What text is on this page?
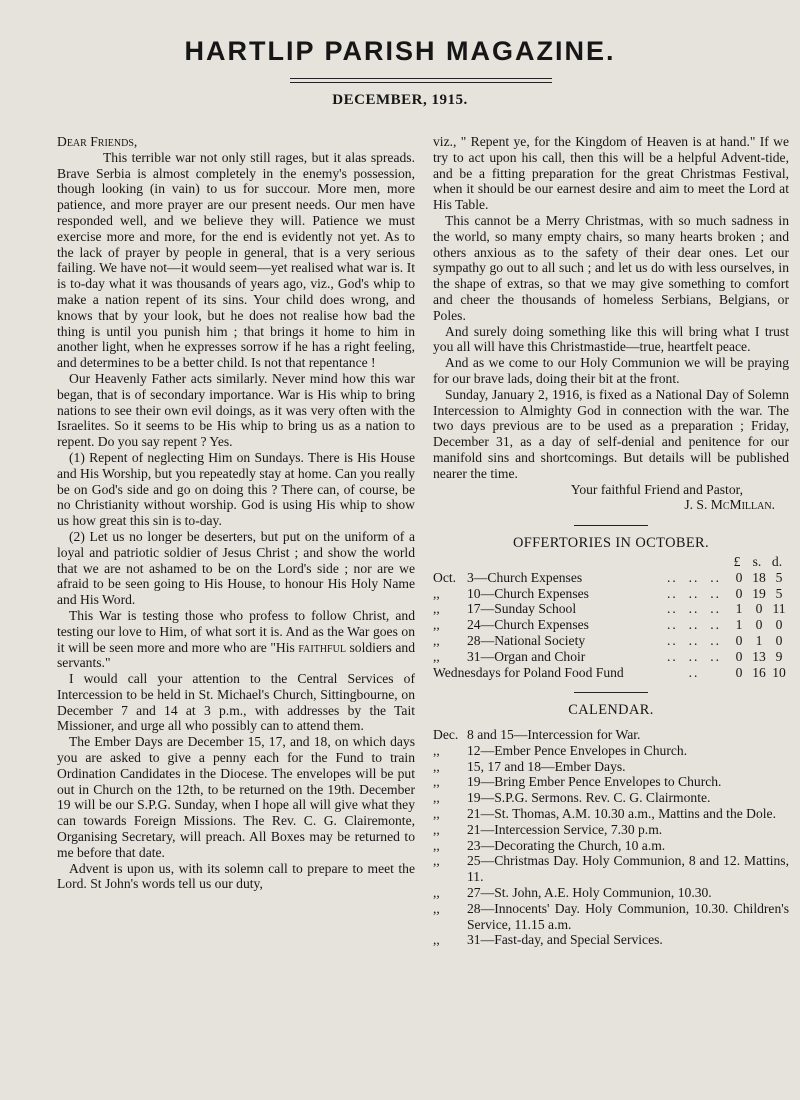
HARTLIP PARISH MAGAZINE.
DECEMBER, 1915.

Dear Friends,

This terrible war not only still rages, but it alas spreads. Brave Serbia is almost completely in the enemy's possession, though looking (in vain) to us for succour. More men, more patience, and more prayer are our present needs. Our men have responded well, and we believe they will. Patience we must exercise more and more, for the end is evidently not yet. As to the lack of prayer by people in general, that is a very serious failing. We have not—it would seem—yet realised what war is. It is to-day what it was thousands of years ago, viz., God's whip to make a nation repent of its sins. Your child does wrong, and knows that by your look, but he does not realise how bad the thing is until you punish him ; that brings it home to him in another light, when he expresses sorrow if he has a right feeling, and determines to be a better child. Is not that repentance !

Our Heavenly Father acts similarly. Never mind how this war began, that is of secondary importance. War is His whip to bring nations to see their own evil doings, as it was very often with the Israelites. So it seems to be His whip to bring us as a nation to repent. Do you say repent ? Yes.

(1) Repent of neglecting Him on Sundays. There is His House and His Worship, but you repeatedly stay at home. Can you really be on God's side and go on doing this ? There can, of course, be no Christianity without worship. God is using His whip to show us how great this sin is to-day.

(2) Let us no longer be deserters, but put on the uniform of a loyal and patriotic soldier of Jesus Christ ; and show the world that we are not ashamed to be on the Lord's side ; nor are we afraid to be seen going to His House, to honour His Holy Name and His Word.

This War is testing those who profess to follow Christ, and testing our love to Him, of what sort it is. And as the War goes on it will be seen more and more who are "His faithful soldiers and servants."

I would call your attention to the Central Services of Intercession to be held in St. Michael's Church, Sittingbourne, on December 7 and 14 at 3 p.m., with addresses by the Tait Missioner, and urge all who possibly can to attend them.

The Ember Days are December 15, 17, and 18, on which days you are asked to give a penny each for the Fund to train Ordination Candidates in the Diocese. The envelopes will be put out in Church on the 12th, to be returned on the 19th. December 19 will be our S.P.G. Sunday, when I hope all will give what they can towards Foreign Missions. The Rev. C. G. Clairemonte, Organising Secretary, will preach. All Boxes may be returned to me before that date.

Advent is upon us, with its solemn call to prepare to meet the Lord. St John's words tell us our duty,

viz., " Repent ye, for the Kingdom of Heaven is at hand." If we try to act upon his call, then this will be a helpful Advent-tide, and be a fitting preparation for the great Christmas Festival, when it should be our earnest desire and aim to meet the Lord at His Table.

This cannot be a Merry Christmas, with so much sadness in the world, so many empty chairs, so many hearts broken ; and others anxious as to the safety of their dear ones. Let our sympathy go out to all such ; and let us do with less ourselves, in the shape of extras, so that we may give something to comfort and cheer the thousands of homeless Serbians, Belgians, or Poles.

And surely doing something like this will bring what I trust you all will have this Christmastide—true, heartfelt peace.

And as we come to our Holy Communion we will be praying for our brave lads, doing their bit at the front.

Sunday, January 2, 1916, is fixed as a National Day of Solemn Intercession to Almighty God in connection with the war. The two days previous are to be used as a preparation ; Friday, December 31, as a day of self-denial and penitence for our manifold sins and shortcomings. But details will be published nearer the time.

Your faithful Friend and Pastor,

J. S. McMillan.

OFFERTORIES IN OCTOBER.
£ s. d.
Oct.	3—Church Expenses	..  ..  ..	0	18	5
,,	10—Church Expenses	..  ..  ..	0	19	5
,,	17—Sunday School	..  ..  ..	1	0	11
,,	24—Church Expenses	..  ..  ..	1	0	0
,,	28—National Society	..  ..  ..	0	1	0
,,	31—Organ and Choir	..  ..  ..	0	13	9
Wednesdays for Poland Food Fund		..	0	16	10
CALENDAR.
Dec.	8 and 15—Intercession for War.
,,	12—Ember Pence Envelopes in Church.
,,	15, 17 and 18—Ember Days.
,,	19—Bring Ember Pence Envelopes to Church.
,,	19—S.P.G. Sermons. Rev. C. G. Clairmonte.
,,	21—St. Thomas, A.M. 10.30 a.m., Mattins and the Dole.
,,	21—Intercession Service, 7.30 p.m.
,,	23—Decorating the Church, 10 a.m.
,,	25—Christmas Day. Holy Communion, 8 and 12. Mattins, 11.
,,	27—St. John, A.E. Holy Communion, 10.30.
,,	28—Innocents' Day. Holy Communion, 10.30. Children's Service, 11.15 a.m.
,,	31—Fast-day, and Special Services.
